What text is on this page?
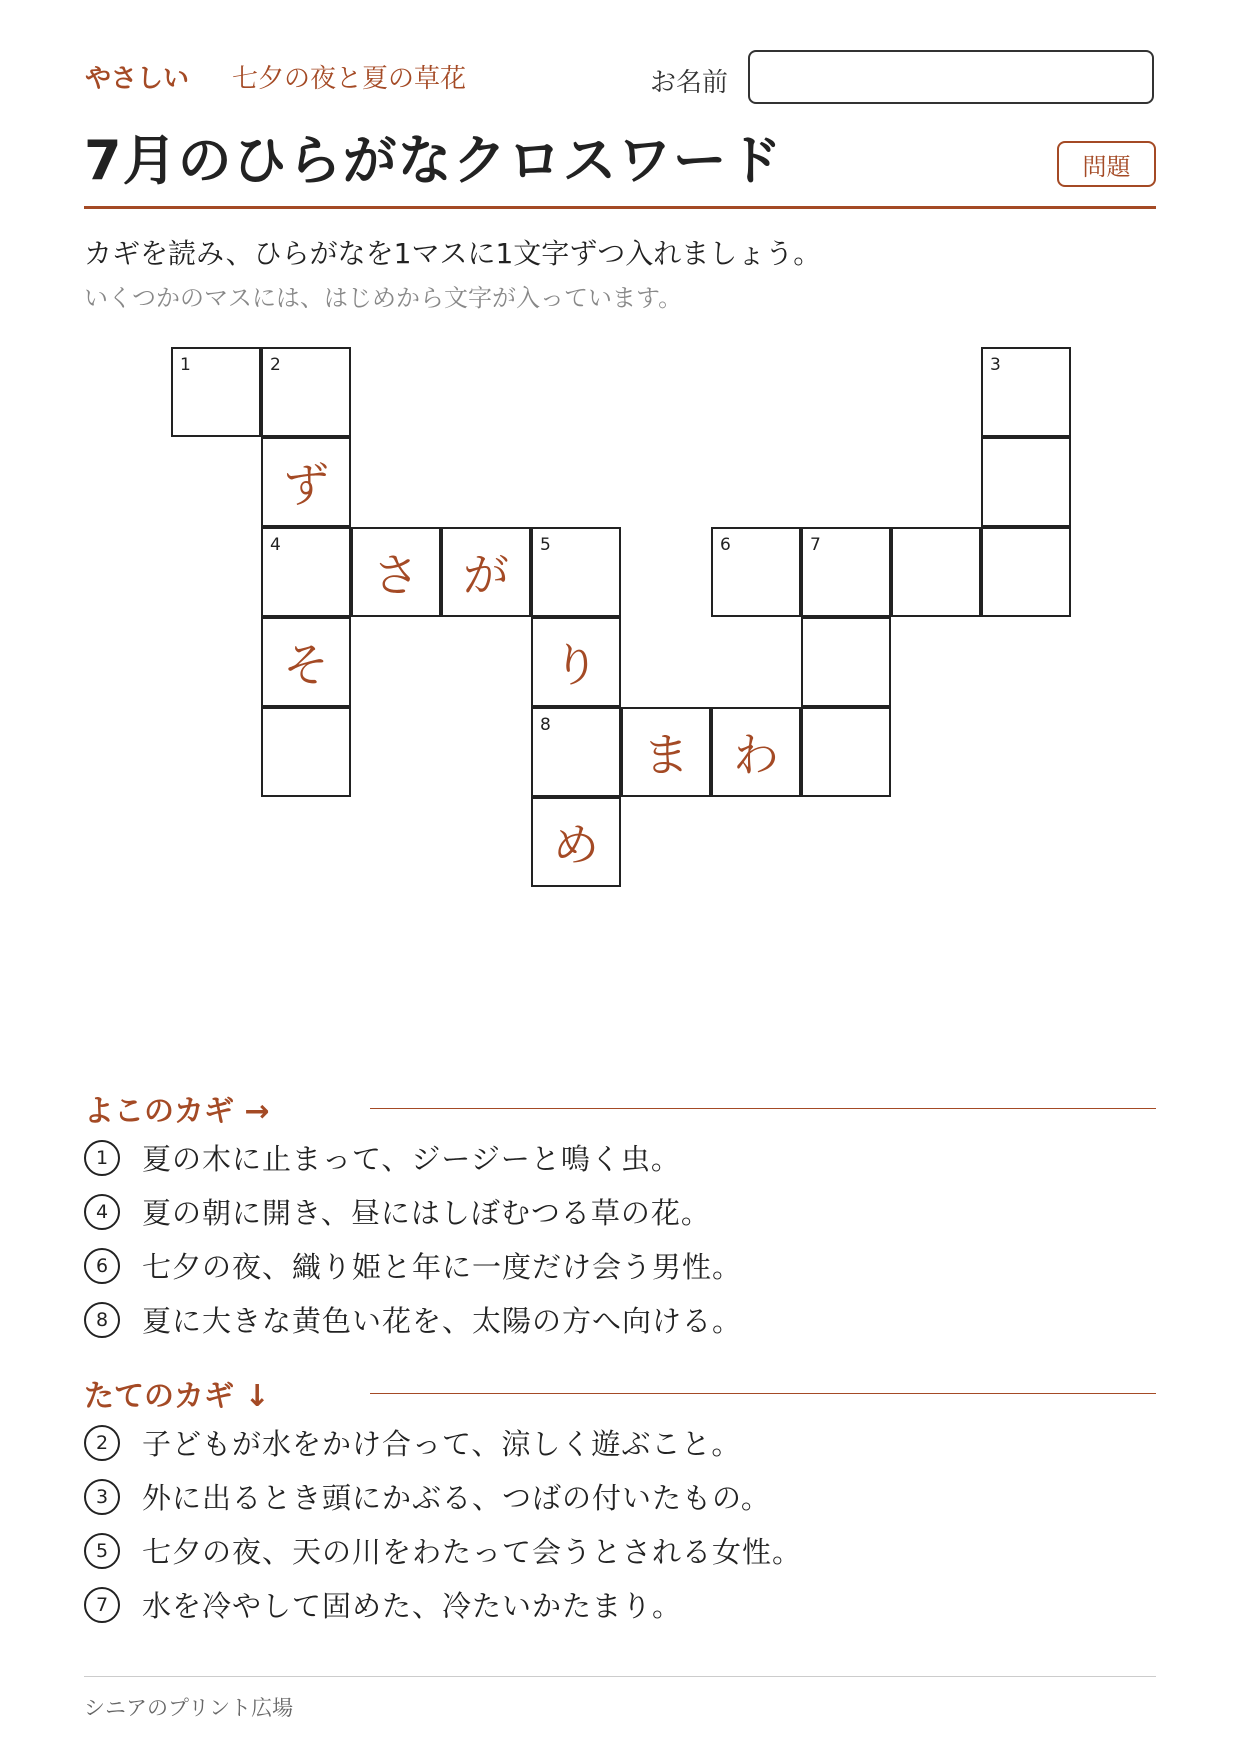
やさしい 七夕の夜と夏の草花	お名前
7月のひらがなクロスワード	問題
カギを読み、ひらがなを1マスに1文字ずつ入れましょう。
いくつかのマスには、はじめから文字が入っています。
1	2	3
ず
4
さ が
5	6	7
そ	り
8
ま わ
め
よこのカギ →
1	夏の木に止まって、ジージーと鳴く虫。
4	夏の朝に開き、昼にはしぼむつる草の花。
6	七夕の夜、織り姫と年に一度だけ会う男性。
8	夏に大きな黄色い花を、太陽の方へ向ける。
たてのカギ ↓
2	子どもが水をかけ合って、涼しく遊ぶこと。
3	外に出るとき頭にかぶる、つばの付いたもの。
5	七夕の夜、天の川をわたって会うとされる女性。
7	水を冷やして固めた、冷たいかたまり。
シニアのプリント広場
